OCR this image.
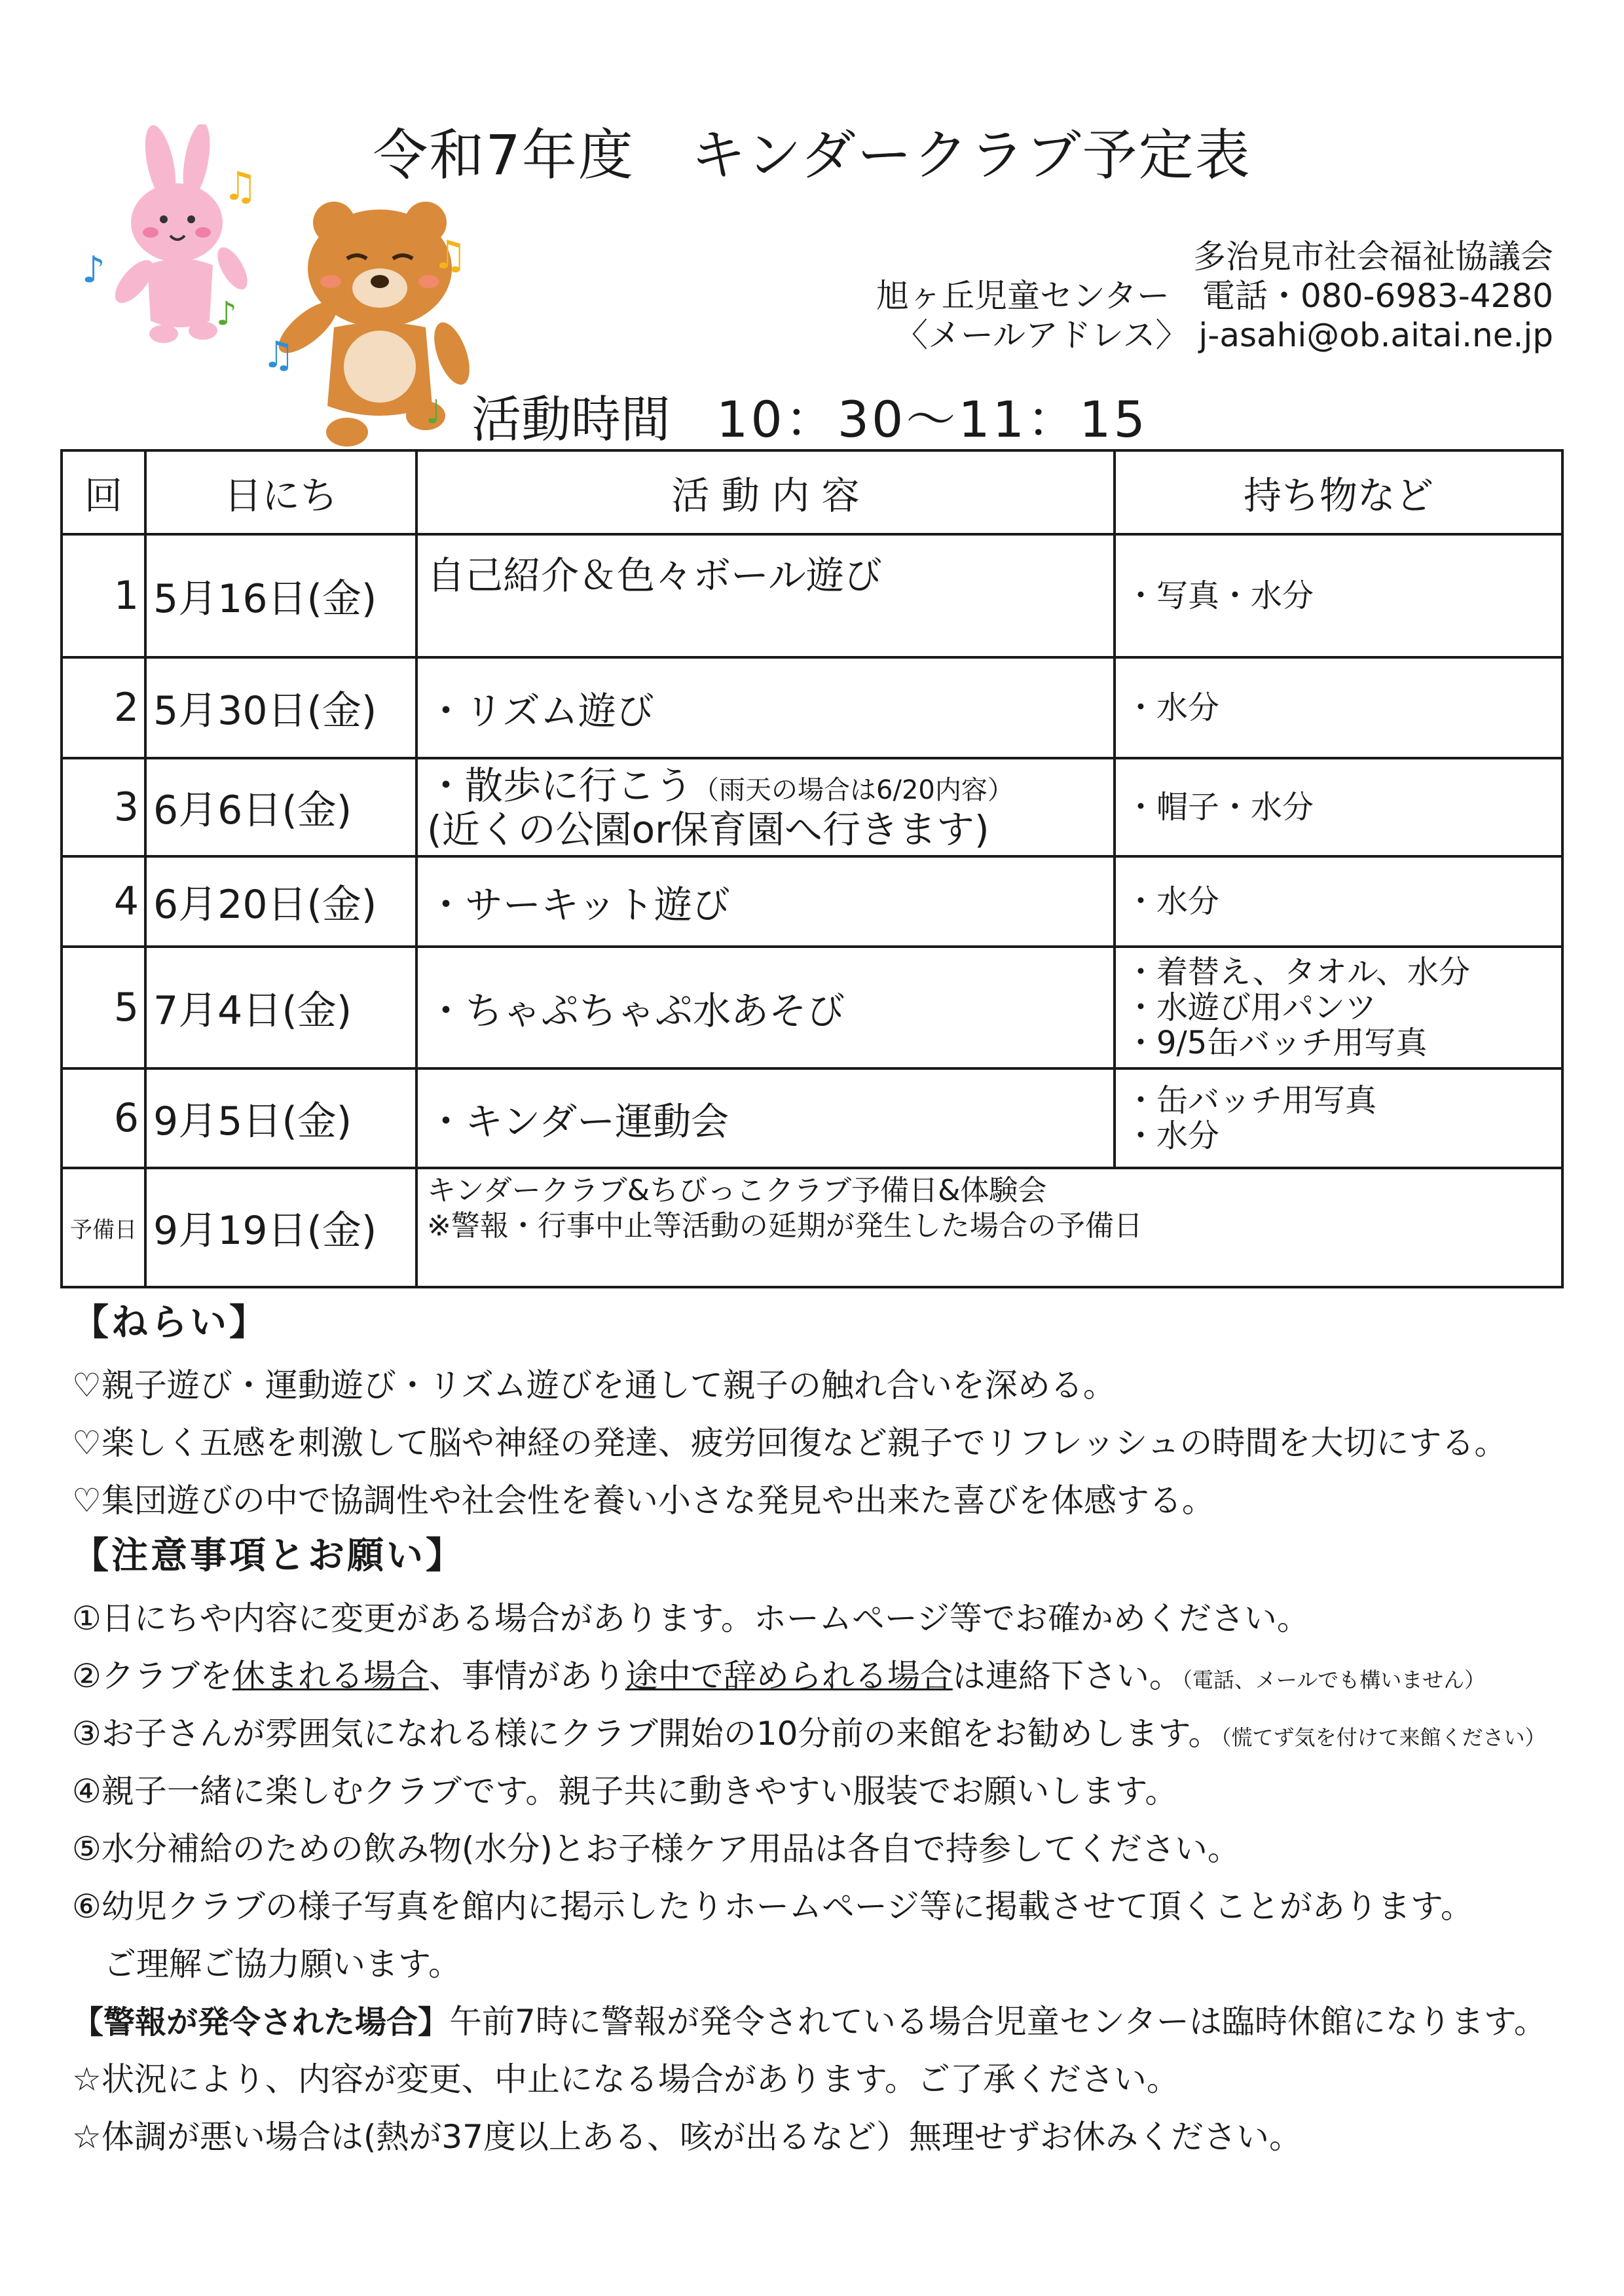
♫
♪
♪
♫
♫
♩
令和7年度　キンダークラブ予定表
多治見市社会福祉協議会
旭ヶ丘児童センター　電話・080-6983-4280
〈メールアドレス〉 j-asahi@ob.aitai.ne.jp
活動時間 10：30〜11：15
回	日にち	活 動 内 容	持ち物など
1	5月16日(金)	自己紹介＆色々ボール遊び	・写真・水分

2	5月30日(金)	・リズム遊び	・水分

3	6月6日(金)	・散歩に行こう（雨天の場合は6/20内容）
(近くの公園or保育園へ行きます)	・帽子・水分

4	6月20日(金)	・サーキット遊び	・水分

5	7月4日(金)	・ちゃぷちゃぷ水あそび	・着替え、タオル、水分
・水遊び用パンツ
・9/5缶バッチ用写真

6	9月5日(金)	・キンダー運動会	・缶バッチ用写真
・水分

予備日	9月19日(金)	キンダークラブ&ちびっこクラブ予備日&体験会
※警報・行事中止等活動の延期が発生した場合の予備日	
【ねらい】
♡親子遊び・運動遊び・リズム遊びを通して親子の触れ合いを深める。
♡楽しく五感を刺激して脳や神経の発達、疲労回復など親子でリフレッシュの時間を大切にする。
♡集団遊びの中で協調性や社会性を養い小さな発見や出来た喜びを体感する。
【注意事項とお願い】
①日にちや内容に変更がある場合があります。ホームページ等でお確かめください。
②クラブを休まれる場合、事情があり途中で辞められる場合は連絡下さい。（電話、メールでも構いません）
③お子さんが雰囲気になれる様にクラブ開始の10分前の来館をお勧めします。（慌てず気を付けて来館ください）
④親子一緒に楽しむクラブです。親子共に動きやすい服装でお願いします。
⑤水分補給のための飲み物(水分)とお子様ケア用品は各自で持参してください。
⑥幼児クラブの様子写真を館内に掲示したりホームページ等に掲載させて頂くことがあります。
ご理解ご協力願います。
【警報が発令された場合】午前7時に警報が発令されている場合児童センターは臨時休館になります。
☆状況により、内容が変更、中止になる場合があります。ご了承ください。
☆体調が悪い場合は(熱が37度以上ある、咳が出るなど）無理せずお休みください。
